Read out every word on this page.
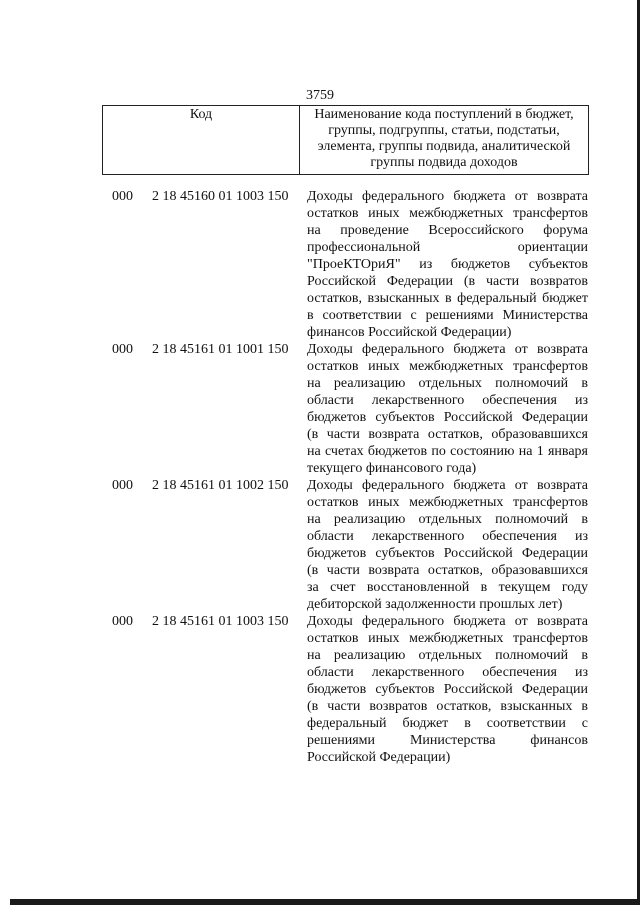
3759
Код	Наименование кода поступлений в бюджет, группы, подгруппы, статьи, подстатьи, элемента, группы подвида, аналитической группы подвида доходов
000	2 18 45160 01 1003 150	Доходы федерального бюджета от возврата
остатков иных межбюджетных трансфертов
на проведение Всероссийского форума
профессиональной ориентации
"ПроеКТОриЯ" из бюджетов субъектов
Российской Федерации (в части возвратов
остатков, взысканных в федеральный бюджет
в соответствии с решениями Министерства
финансов Российской Федерации)
000	2 18 45161 01 1001 150	Доходы федерального бюджета от возврата
остатков иных межбюджетных трансфертов
на реализацию отдельных полномочий в
области лекарственного обеспечения из
бюджетов субъектов Российской Федерации
(в части возврата остатков, образовавшихся
на счетах бюджетов по состоянию на 1 января
текущего финансового года)
000	2 18 45161 01 1002 150	Доходы федерального бюджета от возврата
остатков иных межбюджетных трансфертов
на реализацию отдельных полномочий в
области лекарственного обеспечения из
бюджетов субъектов Российской Федерации
(в части возврата остатков, образовавшихся
за счет восстановленной в текущем году
дебиторской задолженности прошлых лет)
000	2 18 45161 01 1003 150	Доходы федерального бюджета от возврата
остатков иных межбюджетных трансфертов
на реализацию отдельных полномочий в
области лекарственного обеспечения из
бюджетов субъектов Российской Федерации
(в части возвратов остатков, взысканных в
федеральный бюджет в соответствии с
решениями Министерства финансов
Российской Федерации)
